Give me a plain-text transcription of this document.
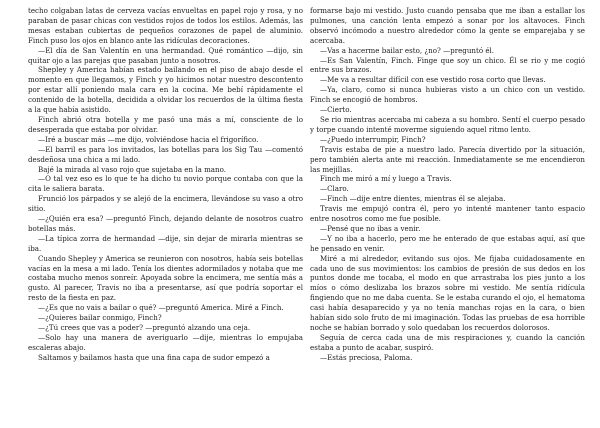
techo colgaban latas de cerveza vacías envueltas en papel rojo y rosa, y no paraban de pasar chicas con vestidos rojos de todos los estilos. Además, las mesas estaban cubiertas de pequeños corazones de papel de aluminio. Finch puso los ojos en blanco ante las ridículas decoraciones.

—El día de San Valentín en una hermandad. Qué romántico —dijo, sin quitar ojo a las parejas que pasaban junto a nosotros.

Shepley y America habían estado bailando en el piso de abajo desde el momento en que llegamos, y Finch y yo hicimos notar nuestro descontento por estar allí poniendo mala cara en la cocina. Me bebí rápidamente el contenido de la botella, decidida a olvidar los recuerdos de la última fiesta a la que había asistido.

Finch abrió otra botella y me pasó una más a mí, consciente de lo desesperada que estaba por olvidar.

—Iré a buscar más —me dijo, volviéndose hacia el frigorífico.

—El barril es para los invitados, las botellas para los Sig Tau —comentó desdeñosa una chica a mi lado.

Bajé la mirada al vaso rojo que sujetaba en la mano.

—O tal vez eso es lo que te ha dicho tu novio porque contaba con que la cita le saliera barata.

Frunció los párpados y se alejó de la encimera, llevándose su vaso a otro sitio.

—¿Quién era esa? —preguntó Finch, dejando delante de nosotros cuatro botellas más.

—La típica zorra de hermandad —dije, sin dejar de mirarla mientras se iba.

Cuando Shepley y America se reunieron con nosotros, había seis botellas vacías en la mesa a mi lado. Tenía los dientes adormilados y notaba que me costaba mucho menos sonreír. Apoyada sobre la encimera, me sentía más a gusto. Al parecer, Travis no iba a presentarse, así que podría soportar el resto de la fiesta en paz.

—¿Es que no vais a bailar o qué? —preguntó America. Miré a Finch.

—¿Quieres bailar conmigo, Finch?

—¿Tú crees que vas a poder? —preguntó alzando una ceja.

—Solo hay una manera de averiguarlo —dije, mientras lo empujaba escaleras abajo.

Saltamos y bailamos hasta que una fina capa de sudor empezó a

formarse bajo mi vestido. Justo cuando pensaba que me iban a estallar los pulmones, una canción lenta empezó a sonar por los altavoces. Finch observó incómodo a nuestro alrededor cómo la gente se emparejaba y se acercaba.

—Vas a hacerme bailar esto, ¿no? —preguntó él.

—Es San Valentín, Finch. Finge que soy un chico. Él se rio y me cogió entre sus brazos.

—Me va a resultar difícil con ese vestido rosa corto que llevas.

—Ya, claro, como si nunca hubieras visto a un chico con un vestido. Finch se encogió de hombros.

—Cierto.

Se rio mientras acercaba mi cabeza a su hombro. Sentí el cuerpo pesado y torpe cuando intenté moverme siguiendo aquel ritmo lento.

—¿Puedo interrumpir, Finch?

Travis estaba de pie a nuestro lado. Parecía divertido por la situación, pero también alerta ante mi reacción. Inmediatamente se me encendieron las mejillas.

Finch me miró a mí y luego a Travis.

—Claro.

—Finch —dije entre dientes, mientras él se alejaba.

Travis me empujó contra él, pero yo intenté mantener tanto espacio entre nosotros como me fue posible.

—Pensé que no ibas a venir.

—Y no iba a hacerlo, pero me he enterado de que estabas aquí, así que he pensado en venir.

Miré a mi alrededor, evitando sus ojos. Me fijaba cuidadosamente en cada uno de sus movimientos: los cambios de presión de sus dedos en los puntos donde me tocaba, el modo en que arrastraba los pies junto a los míos o cómo deslizaba los brazos sobre mi vestido. Me sentía ridícula fingiendo que no me daba cuenta. Se le estaba curando el ojo, el hematoma casi había desaparecido y ya no tenía manchas rojas en la cara, o bien habían sido solo fruto de mi imaginación. Todas las pruebas de esa horrible noche se habían borrado y solo quedaban los recuerdos dolorosos.

Seguía de cerca cada una de mis respiraciones y, cuando la canción estaba a punto de acabar, suspiró.

—Estás preciosa, Paloma.
